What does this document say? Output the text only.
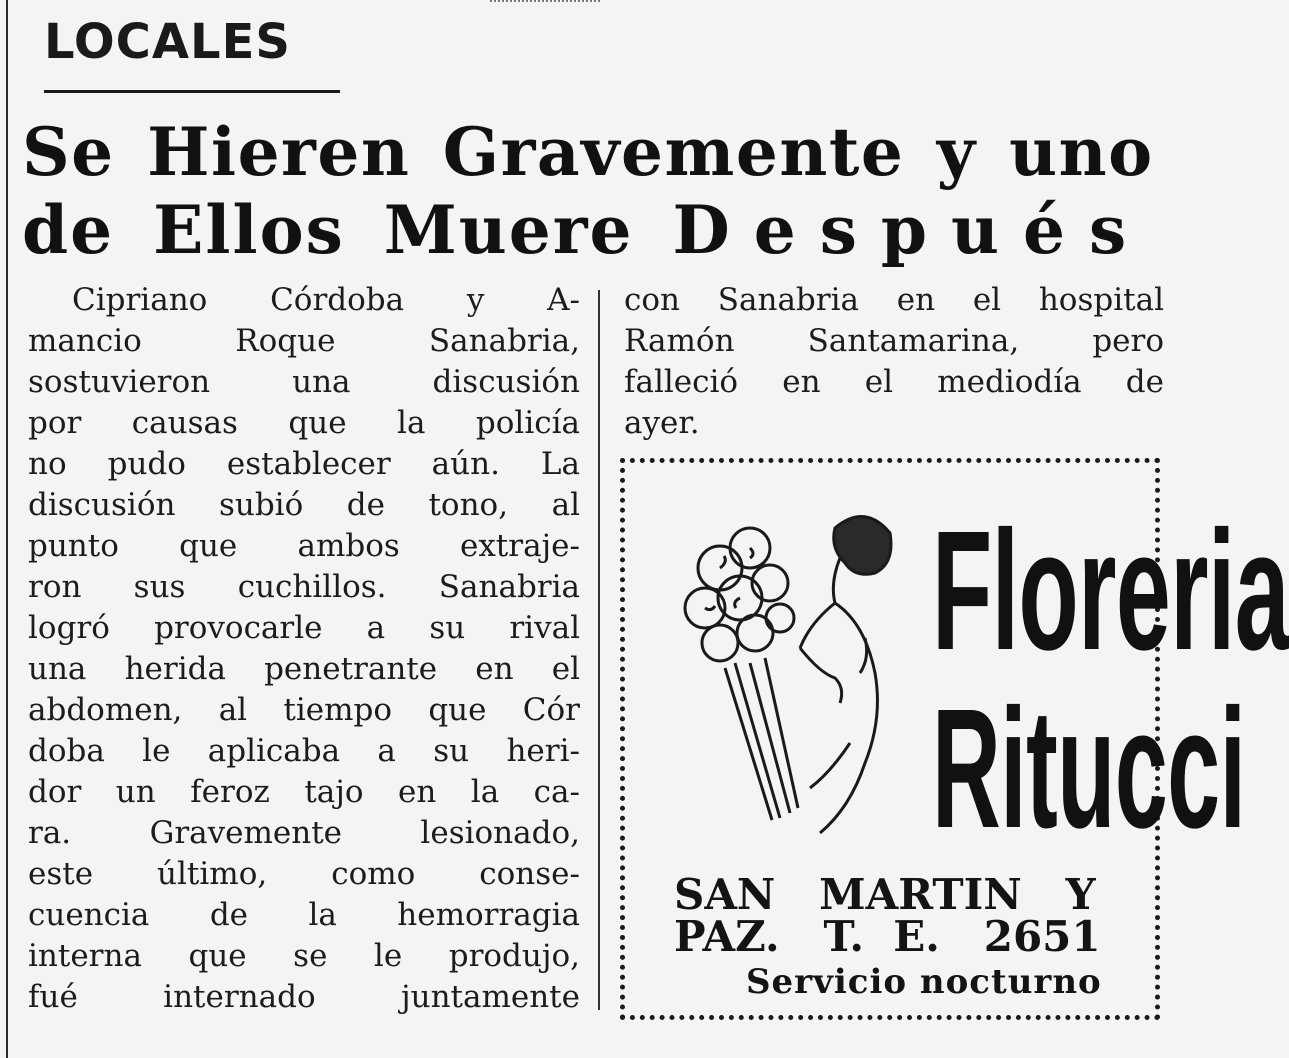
LOCALES
Se Hieren Gravemente y uno
de Ellos Muere Después
Cipriano Córdoba y A-
mancio Roque Sanabria,
sostuvieron una discusión
por causas que la policía
no pudo establecer aún. La
discusión subió de tono, al
punto que ambos extraje-
ron sus cuchillos. Sanabria
logró provocarle a su rival
una herida penetrante en el
abdomen, al tiempo que Cór
doba le aplicaba a su heri-
dor un feroz tajo en la ca-
ra. Gravemente lesionado,
este último, como conse-
cuencia de la hemorragia
interna que se le produjo,
fué internado juntamente
con Sanabria en el hospital
Ramón Santamarina, pero
falleció en el mediodía de
ayer.
Floreria
Ritucci
SAN   MARTIN   Y
PAZ.   T.  E.   2651
Servicio nocturno
